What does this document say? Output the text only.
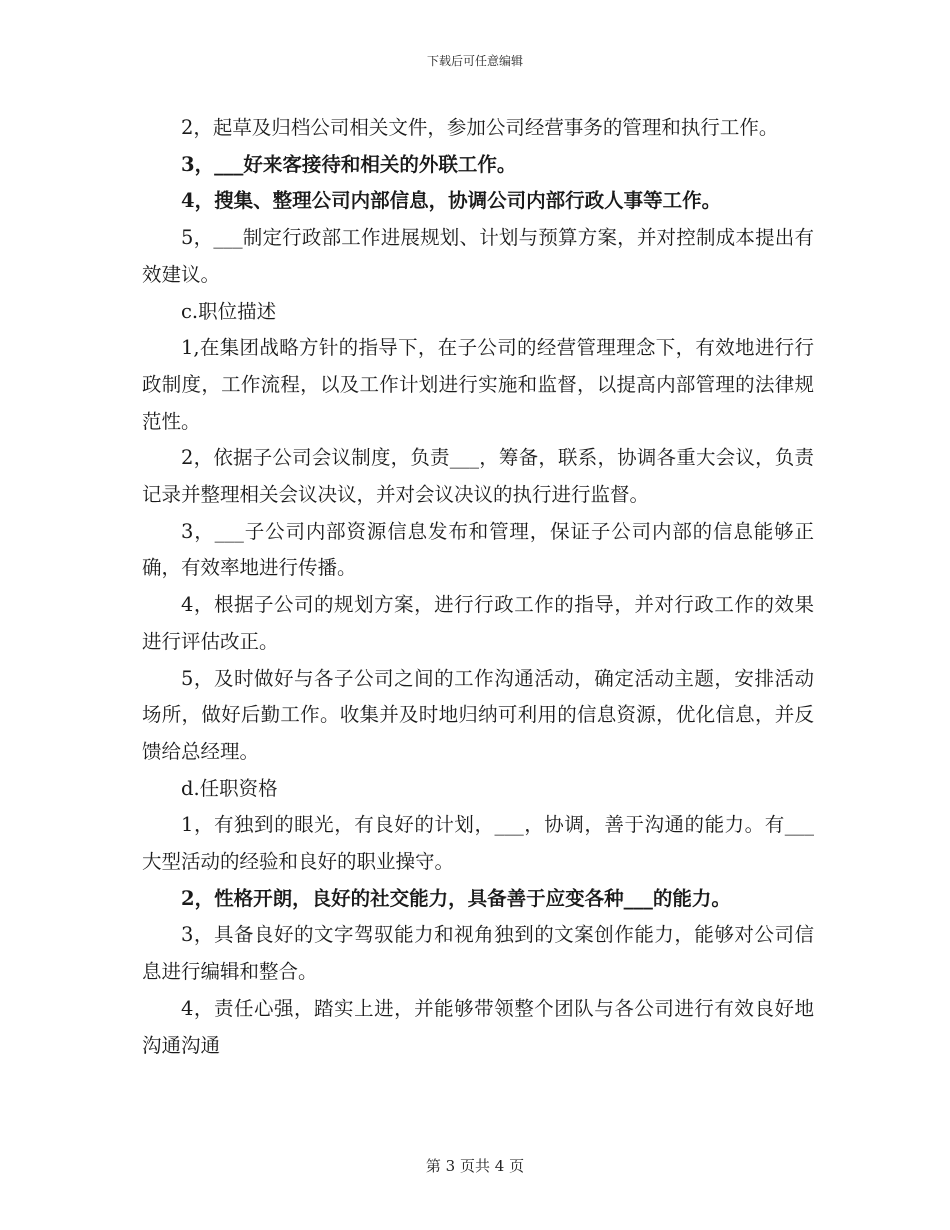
下载后可任意编辑

2，起草及归档公司相关文件，参加公司经营事务的管理和执行工作。

3，___好来客接待和相关的外联工作。

4，搜集、整理公司内部信息，协调公司内部行政人事等工作。

5，___制定行政部工作进展规划、计划与预算方案，并对控制成本提出有效建议。

c.职位描述

1,在集团战略方针的指导下，在子公司的经营管理理念下，有效地进行行政制度，工作流程，以及工作计划进行实施和监督，以提高内部管理的法律规范性。

2，依据子公司会议制度，负责___，筹备，联系，协调各重大会议，负责记录并整理相关会议决议，并对会议决议的执行进行监督。

3，___子公司内部资源信息发布和管理，保证子公司内部的信息能够正确，有效率地进行传播。

4，根据子公司的规划方案，进行行政工作的指导，并对行政工作的效果进行评估改正。

5，及时做好与各子公司之间的工作沟通活动，确定活动主题，安排活动场所，做好后勤工作。收集并及时地归纳可利用的信息资源，优化信息，并反馈给总经理。

d.任职资格

1，有独到的眼光，有良好的计划，___，协调，善于沟通的能力。有___大型活动的经验和良好的职业操守。

2，性格开朗，良好的社交能力，具备善于应变各种___的能力。

3，具备良好的文字驾驭能力和视角独到的文案创作能力，能够对公司信息进行编辑和整合。

4，责任心强，踏实上进，并能够带领整个团队与各公司进行有效良好地沟通沟通

第 3 页共 4 页
